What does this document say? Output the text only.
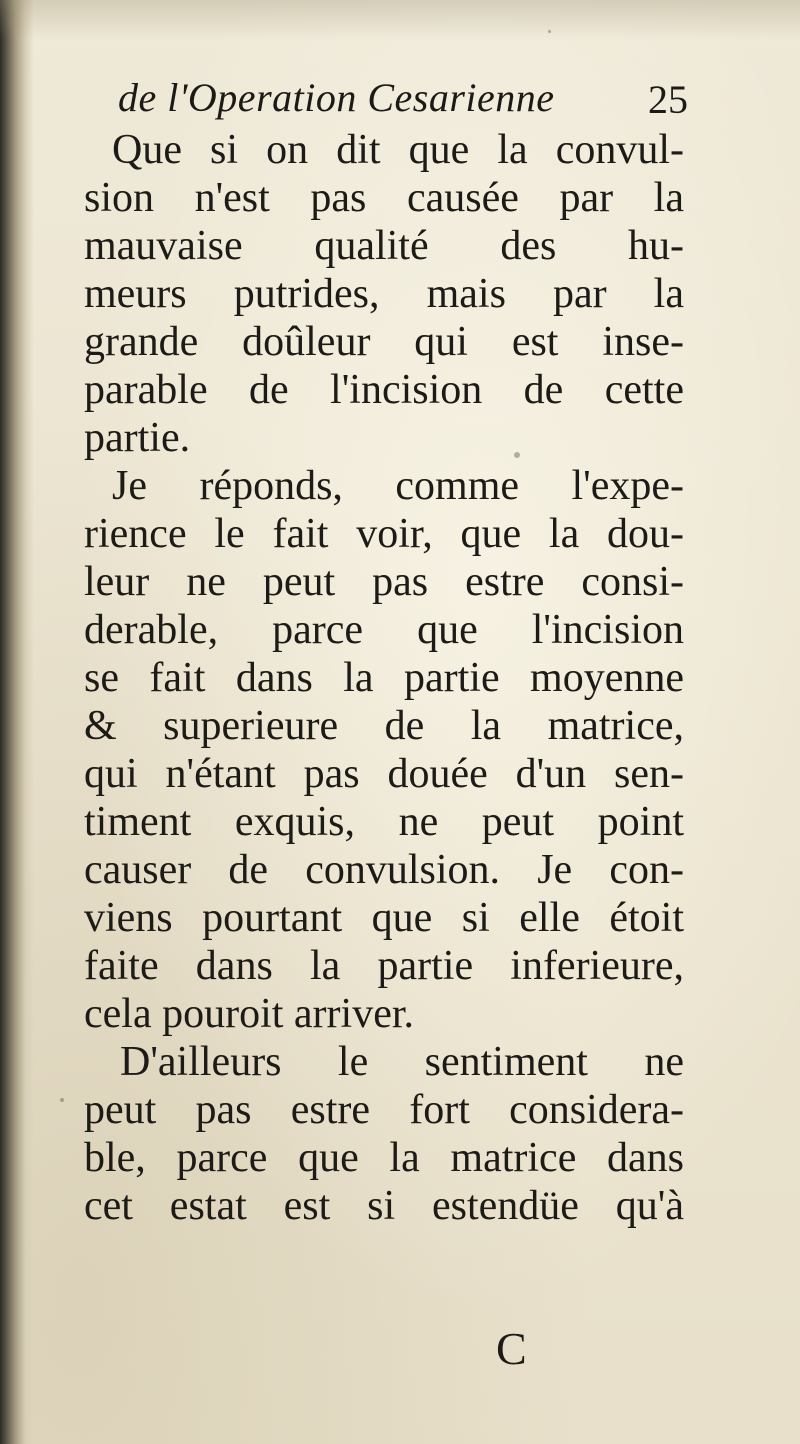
de l'Operation Cesarienne 25
Que si on dit que la convul-
sion n'est pas causée par la
mauvaise qualité des hu-
meurs putrides, mais par la
grande doûleur qui est inse-
parable de l'incision de cette
partie.
Je réponds, comme l'expe-
rience le fait voir, que la dou-
leur ne peut pas estre consi-
derable, parce que l'incision
se fait dans la partie moyenne
& superieure de la matrice,
qui n'étant pas douée d'un sen-
timent exquis, ne peut point
causer de convulsion. Je con-
viens pourtant que si elle étoit
faite dans la partie inferieure,
cela pouroit arriver.
D'ailleurs le sentiment ne
peut pas estre fort considera-
ble, parce que la matrice dans
cet estat est si estendüe qu'à
C
